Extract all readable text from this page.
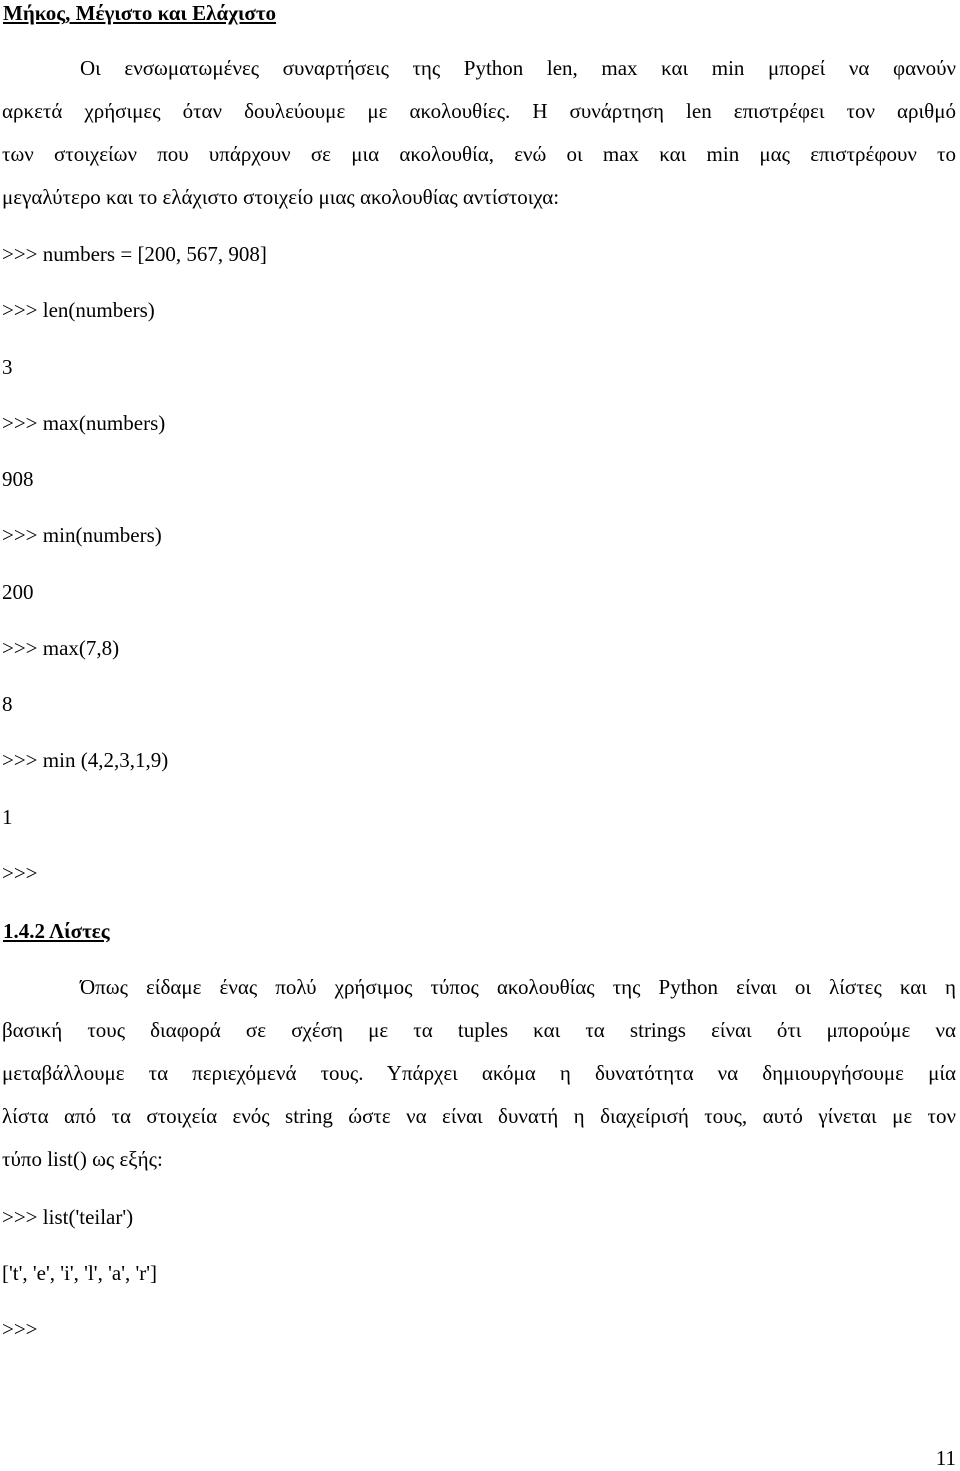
Μήκος, Μέγιστο και Ελάχιστο
Οι ενσωματωμένες συναρτήσεις της Python len, max και min μπορεί να φανούν
αρκετά χρήσιμες όταν δουλεύουμε με ακολουθίες. Η συνάρτηση len επιστρέφει τον αριθμό
των στοιχείων που υπάρχουν σε μια ακολουθία, ενώ οι max και min μας επιστρέφουν το
μεγαλύτερο και το ελάχιστο στοιχείο μιας ακολουθίας αντίστοιχα:
>>> numbers = [200, 567, 908]
>>> len(numbers)
3
>>> max(numbers)
908
>>> min(numbers)
200
>>> max(7,8)
8
>>> min (4,2,3,1,9)
1
>>>
1.4.2 Λίστες
Όπως είδαμε ένας πολύ χρήσιμος τύπος ακολουθίας της Python είναι οι λίστες και η
βασική τους διαφορά σε σχέση με τα tuples και τα strings είναι ότι μπορούμε να
μεταβάλλουμε τα περιεχόμενά τους. Υπάρχει ακόμα η δυνατότητα να δημιουργήσουμε μία
λίστα από τα στοιχεία ενός string ώστε να είναι δυνατή η διαχείρισή τους, αυτό γίνεται με τον
τύπο list() ως εξής:
>>> list('teilar')
['t', 'e', 'i', 'l', 'a', 'r']
>>>
11
